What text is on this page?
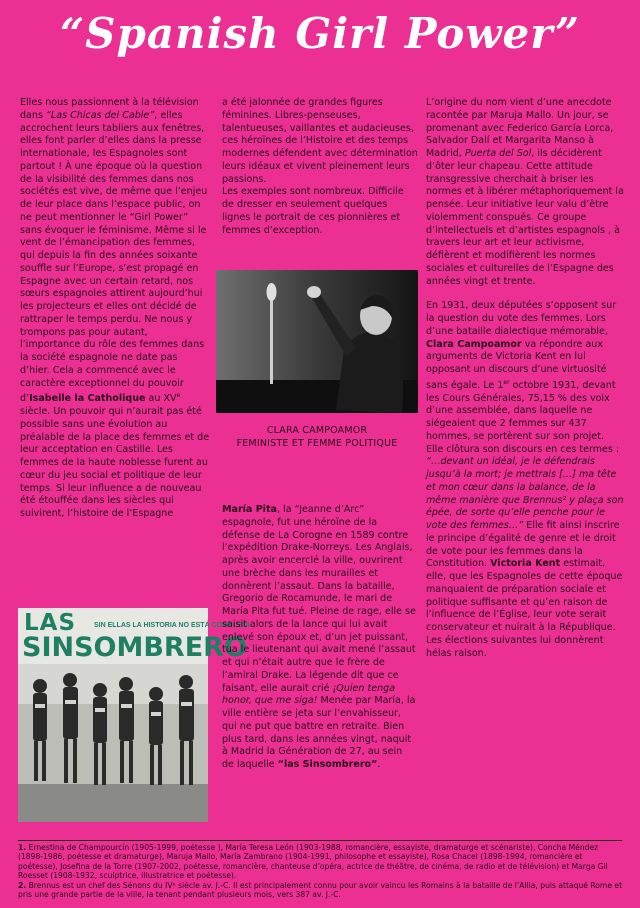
“Spanish Girl Power”

Elles nous passionnent à la télévision dans “Las Chicas del Cable”, elles accrochent leurs tabliers aux fenêtres, elles font parler d’elles dans la presse internationale, les Espagnoles sont partout ! À une époque où la question de la visibilité des femmes dans nos sociétés est vive, de même que l’enjeu de leur place dans l’espace public, on ne peut mentionner le “Girl Power” sans évoquer le féminisme. Même si le vent de l’émancipation des femmes, qui depuis la fin des années soixante souffle sur l’Europe, s’est propagé en Espagne avec un certain retard, nos sœurs espagnoles attirent aujourd’hui les projecteurs et elles ont décidé de rattraper le temps perdu. Ne nous y trompons pas pour autant, l’importance du rôle des femmes dans la société espagnole ne date pas d’hier. Cela a commencé avec le caractère exceptionnel du pouvoir d’Isabelle la Catholique au XVe siècle. Un pouvoir qui n’aurait pas été possible sans une évolution au préalable de la place des femmes et de leur acceptation en Castille. Les femmes de la haute noblesse furent au cœur du jeu social et politique de leur temps. Si leur influence a de nouveau été étouffée dans les siècles qui suivirent, l’histoire de l’Espagne

LAS	SIN ELLAS LA HISTORIA NO ESTÁ COMPLETA
SINSOMBRERO

a été jalonnée de grandes figures féminines. Libres-penseuses, talentueuses, vaillantes et audacieuses, ces héroïnes de l’Histoire et des temps modernes défendent avec détermination leurs idéaux et vivent pleinement leurs passions.

Les exemples sont nombreux. Difficile de dresser en seulement quelques lignes le portrait de ces pionnières et femmes d’exception.

CLARA CAMPOAMOR
FEMINISTE ET FEMME POLITIQUE

María Pita, la “Jeanne d’Arc” espagnole, fut une héroïne de la défense de La Corogne en 1589 contre l’expédition Drake-Norreys. Les Anglais, après avoir encerclé la ville, ouvrirent une brèche dans les murailles et donnèrent l’assaut. Dans la bataille, Gregorio de Rocamunde, le mari de María Pita fut tué. Pleine de rage, elle se saisit alors de la lance qui lui avait enlevé son époux et, d’un jet puissant, tua le lieutenant qui avait mené l’assaut et qui n’était autre que le frère de l’amiral Drake. La légende dit que ce faisant, elle aurait crié ¡Quien tenga honor, que me siga! Menée par María, la ville entière se jeta sur l’envahisseur, qui ne put que battre en retraite. Bien plus tard, dans les années vingt, naquit à Madrid la Génération de 27, au sein de laquelle “las Sinsombrero”.

L’origine du nom vient d’une anecdote racontée par Maruja Mallo. Un jour, se promenant avec Federico García Lorca, Salvador Dalí et Margarita Manso à Madrid, Puerta del Sol, ils décidèrent d’ôter leur chapeau. Cette attitude transgressive cherchait à briser les normes et à libérer métaphoriquement la pensée. Leur initiative leur valu d’être violemment conspués. Ce groupe d’intellectuels et d’artistes espagnols , à travers leur art et leur activisme, défièrent et modifièrent les normes sociales et culturelles de l’Espagne des années vingt et trente.

En 1931, deux députées s’opposent sur la question du vote des femmes. Lors d’une bataille dialectique mémorable, Clara Campoamor va répondre aux arguments de Victoria Kent en lui opposant un discours d’une virtuosité sans égale. Le 1er octobre 1931, devant les Cours Générales, 75,15 % des voix d’une assemblée, dans laquelle ne siégeaient que 2 femmes sur 437 hommes, se portèrent sur son projet. Elle clôtura son discours en ces termes : “…devant un idéal, je le défendrais jusqu’à la mort; je mettrais […] ma tête et mon cœur dans la balance, de la même manière que Brennus² y plaça son épée, de sorte qu’elle penche pour le vote des femmes…” Elle fit ainsi inscrire le principe d’égalité de genre et le droit de vote pour les femmes dans la Constitution. Victoria Kent estimait, elle, que les Espagnoles de cette époque manquaient de préparation sociale et politique suffisante et qu’en raison de l’influence de l’Église, leur vote serait conservateur et nuirait à la République. Les élections suivantes lui donnèrent hélas raison.

1. Ernestina de Champourcín (1905-1999, poétesse ), María Teresa León (1903-1988, romancière, essayiste, dramaturge et scénariste), Concha Méndez (1898-1986, poétesse et dramaturge), Maruja Mallo, María Zambrano (1904-1991, philosophe et essayiste), Rosa Chacel (1898-1994, romancière et poétesse), Josefina de la Torre (1907-2002, poétesse, romancière, chanteuse d’opéra, actrice de théâtre, de cinéma, de radio et de télévision) et Marga Gil Roesset (1908-1932, sculptrice, illustratrice et poétesse).
2. Brennus est un chef des Sénons du IVᵉ siècle av. J.-C. Il est principalement connu pour avoir vaincu les Romains à la bataille de l’Allia, puis attaqué Rome et pris une grande partie de la ville, la tenant pendant plusieurs mois, vers 387 av. J.-C.
